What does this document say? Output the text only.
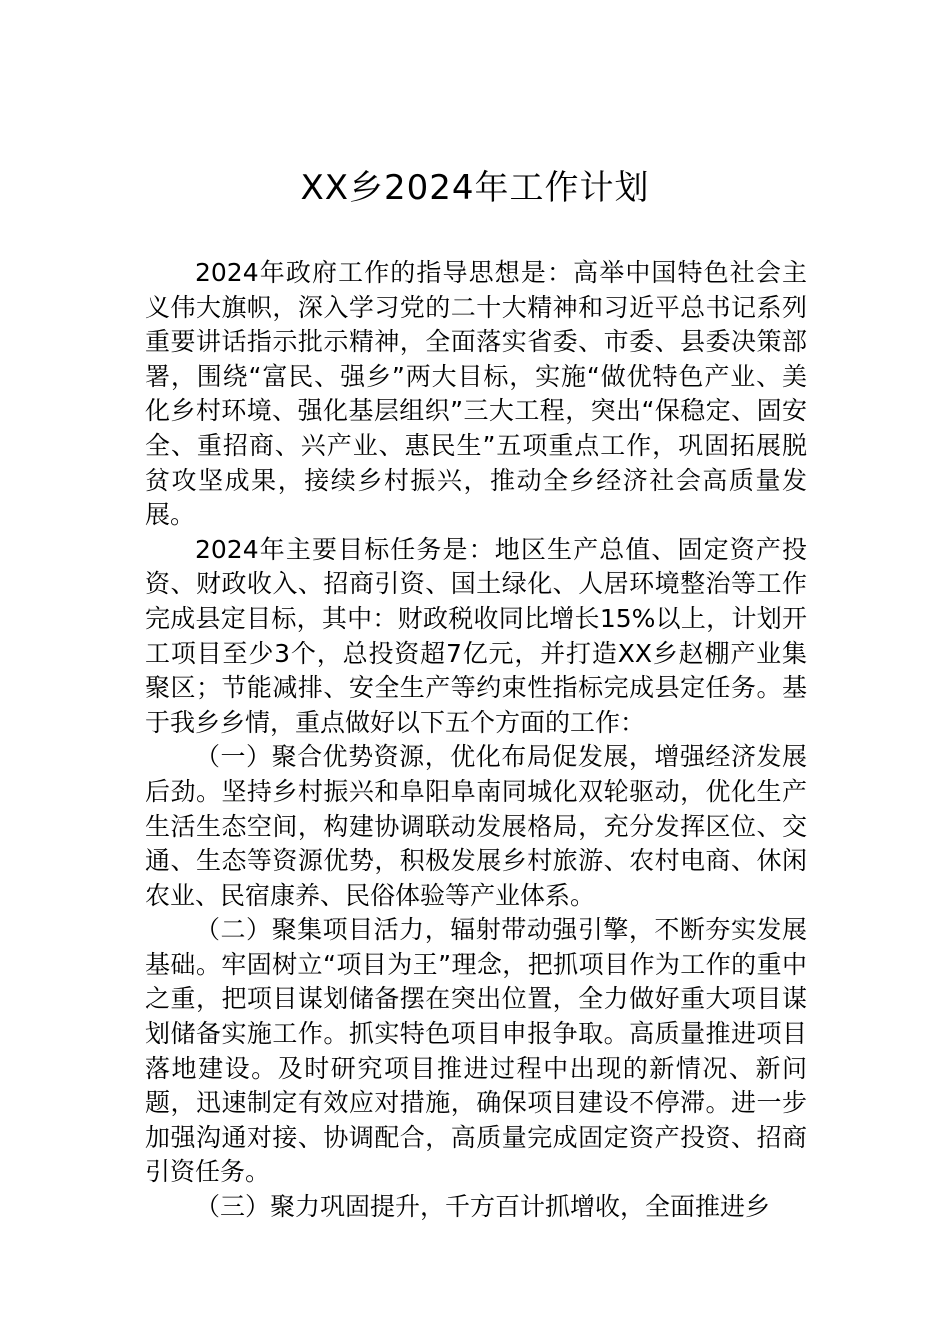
XX乡2024年工作计划

2024年政府工作的指导思想是：高举中国特色社会主义伟大旗帜，深入学习党的二十大精神和习近平总书记系列重要讲话指示批示精神，全面落实省委、市委、县委决策部署，围绕“富民、强乡”两大目标，实施“做优特色产业、美化乡村环境、强化基层组织”三大工程，突出“保稳定、固安全、重招商、兴产业、惠民生”五项重点工作，巩固拓展脱贫攻坚成果，接续乡村振兴，推动全乡经济社会高质量发展。

2024年主要目标任务是：地区生产总值、固定资产投资、财政收入、招商引资、国土绿化、人居环境整治等工作完成县定目标，其中：财政税收同比增长15%以上，计划开工项目至少3个，总投资超7亿元，并打造XX乡赵棚产业集聚区；节能减排、安全生产等约束性指标完成县定任务。基于我乡乡情，重点做好以下五个方面的工作：

（一）聚合优势资源，优化布局促发展，增强经济发展后劲。坚持乡村振兴和阜阳阜南同城化双轮驱动，优化生产生活生态空间，构建协调联动发展格局，充分发挥区位、交通、生态等资源优势，积极发展乡村旅游、农村电商、休闲农业、民宿康养、民俗体验等产业体系。

（二）聚集项目活力，辐射带动强引擎，不断夯实发展基础。牢固树立“项目为王”理念，把抓项目作为工作的重中之重，把项目谋划储备摆在突出位置，全力做好重大项目谋划储备实施工作。抓实特色项目申报争取。高质量推进项目落地建设。及时研究项目推进过程中出现的新情况、新问题，迅速制定有效应对措施，确保项目建设不停滞。进一步加强沟通对接、协调配合，高质量完成固定资产投资、招商引资任务。

（三）聚力巩固提升，千方百计抓增收，全面推进乡
